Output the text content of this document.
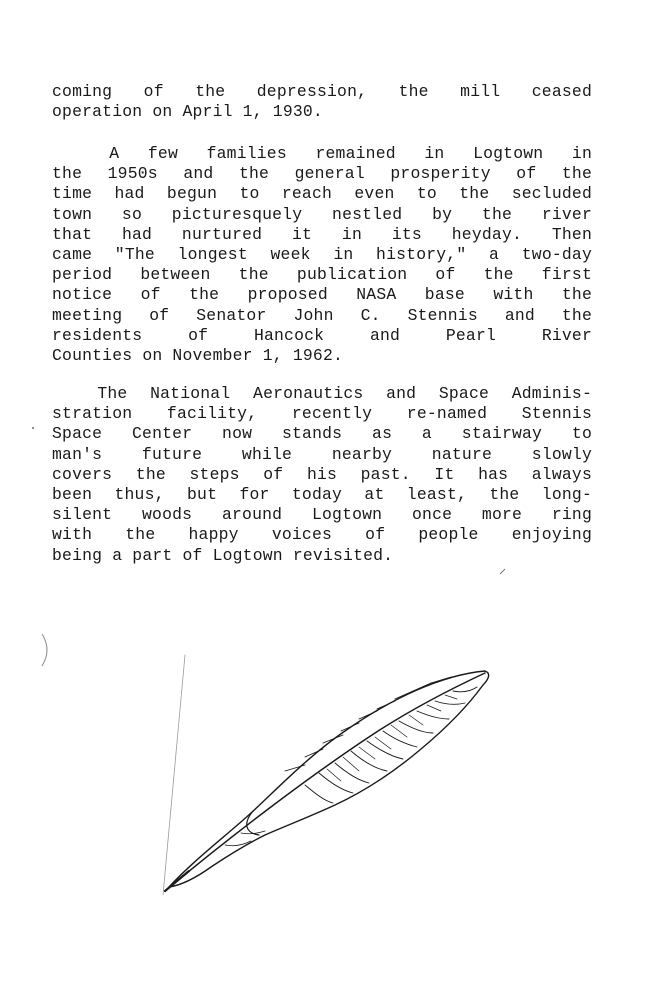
coming of the depression, the mill ceased
operation on April 1, 1930.
A few families remained in Logtown in
the 1950s and the general prosperity of the
time had begun to reach even to the secluded
town so picturesquely nestled by the river
that had nurtured it in its heyday. Then
came "The longest week in history," a two-day
period between the publication of the first
notice of the proposed NASA base with the
meeting of Senator John C. Stennis and the
residents of Hancock and Pearl River
Counties on November 1, 1962.
The National Aeronautics and Space Adminis-
stration facility, recently re-named Stennis
Space Center now stands as a stairway to
man's future while nearby nature slowly
covers the steps of his past. It has always
been thus, but for today at least, the long-
silent woods around Logtown once more ring
with the happy voices of people enjoying
being a part of Logtown revisited.
